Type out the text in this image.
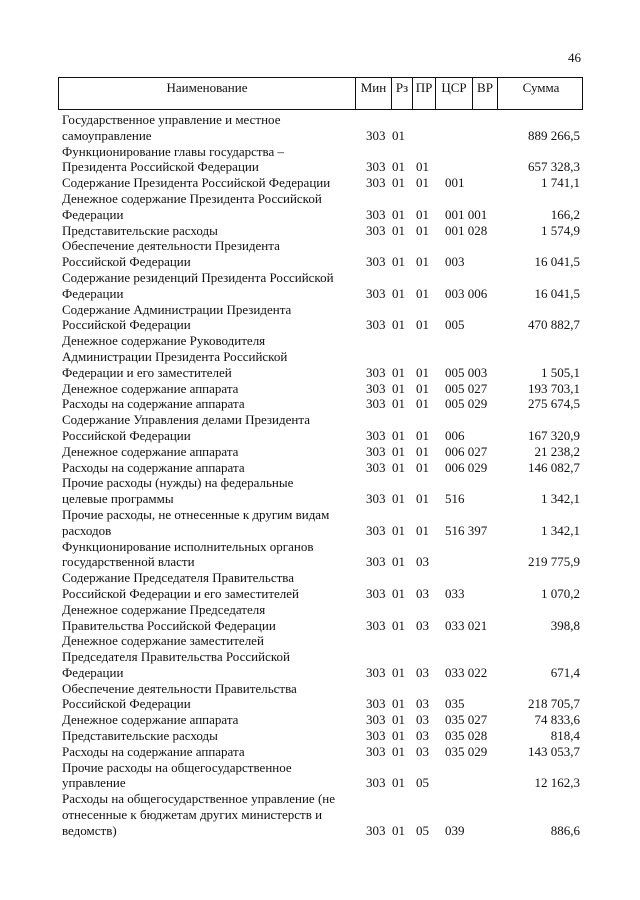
46
Наименование	Мин Рз ПР ЦСР ВР	Сумма
Государственное управление и местное
самоуправление	303 01	889 266,5
Функционирование главы государства –
Президента Российской Федерации	303 01 01	657 328,3
Содержание Президента Российской Федерации	303 01 01 001	1 741,1
Денежное содержание Президента Российской
Федерации	303 01 01 001 001	166,2
Представительские расходы	303 01 01 001 028	1 574,9
Обеспечение деятельности Президента
Российской Федерации	303 01 01 003	16 041,5
Содержание резиденций Президента Российской
Федерации	303 01 01 003 006	16 041,5
Содержание Администрации Президента
Российской Федерации	303 01 01 005	470 882,7
Денежное содержание Руководителя
Администрации Президента Российской
Федерации и его заместителей	303 01 01 005 003	1 505,1
Денежное содержание аппарата	303 01 01 005 027	193 703,1
Расходы на содержание аппарата	303 01 01 005 029	275 674,5
Содержание Управления делами Президента
Российской Федерации	303 01 01 006	167 320,9
Денежное содержание аппарата	303 01 01 006 027	21 238,2
Расходы на содержание аппарата	303 01 01 006 029	146 082,7
Прочие расходы (нужды) на федеральные
целевые программы	303 01 01 516	1 342,1
Прочие расходы, не отнесенные к другим видам
расходов	303 01 01 516 397	1 342,1
Функционирование исполнительных органов
государственной власти	303 01 03	219 775,9
Содержание Председателя Правительства
Российской Федерации и его заместителей	303 01 03 033	1 070,2
Денежное содержание Председателя
Правительства Российской Федерации	303 01 03 033 021	398,8
Денежное содержание заместителей
Председателя Правительства Российской
Федерации	303 01 03 033 022	671,4
Обеспечение деятельности Правительства
Российской Федерации	303 01 03 035	218 705,7
Денежное содержание аппарата	303 01 03 035 027	74 833,6
Представительские расходы	303 01 03 035 028	818,4
Расходы на содержание аппарата	303 01 03 035 029	143 053,7
Прочие расходы на общегосударственное
управление	303 01 05	12 162,3
Расходы на общегосударственное управление (не
отнесенные к бюджетам других министерств и
ведомств)	303 01 05 039	886,6
